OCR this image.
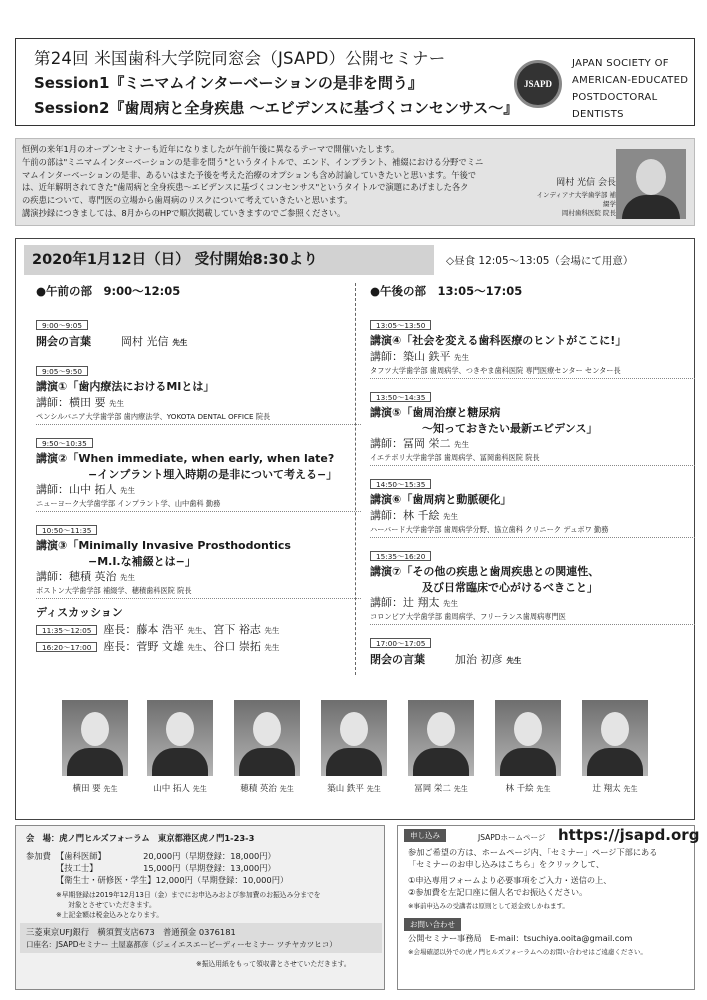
第24回 米国歯科大学院同窓会（JSAPD）公開セミナー
Session1『ミニマムインターベーションの是非を問う』
Session2『歯周病と全身疾患 〜エビデンスに基づくコンセンサス〜』
JSAPD
JAPAN SOCIETY OF
AMERICAN-EDUCATED
POSTDOCTORAL DENTISTS

恒例の来年1月のオープンセミナーも近年になりましたが午前午後に異なるテーマで開催いたします。
午前の部は"ミニマムインターベーションの是非を問う"というタイトルで、エンド、インプラント、補綴における分野でミニ
マムインターベーションの是非、あるいはまた予後を考えた治療のオプションも含め討論していきたいと思います。午後で
は、近年解明されてきた"歯周病と全身疾患〜エビデンスに基づくコンセンサス"というタイトルで演題にあげました各ク
の疾患について、専門医の立場から歯周病のリスクについて考えていきたいと思います。
講演抄録につきましては、8月からのHPで順次掲載していきますのでご参照ください。

岡村 光信 会長
インディアナ大学歯学部 補綴学
岡村歯科医院 院長
2020年1月12日（日） 受付開始8:30より	◇昼食 12:05〜13:05（会場にて用意）
●午前の部　9:00〜12:05
9:00〜9:05
開会の言葉	岡村 光信 先生
9:05〜9:50
講演①「歯内療法におけるMIとは」
講師：横田 要 先生
ペンシルバニア大学歯学部 歯内療法学、YOKOTA DENTAL OFFICE 院長
9:50〜10:35
講演②「When immediate, when early, when late?
−インプラント埋入時期の是非について考える−」
講師：山中 拓人 先生
ニューヨーク大学歯学部 インプラント学、山中歯科 勤務
10:50〜11:35
講演③「Minimally Invasive Prosthodontics
−M.I.な補綴とは−」
講師：穂積 英治 先生
ボストン大学歯学部 補綴学、穂積歯科医院 院長
ディスカッション
11:35〜12:05 座長：藤本 浩平 先生、宮下 裕志 先生
16:20〜17:00 座長：菅野 文雄 先生、谷口 崇拓 先生
●午後の部　13:05〜17:05
13:05〜13:50
講演④「社会を変える歯科医療のヒントがここに!」
講師：築山 鉄平 先生
タフツ大学歯学部 歯周病学、つきやま歯科医院 専門医療センター センター長
13:50〜14:35
講演⑤「歯周治療と糖尿病
〜知っておきたい最新エビデンス」
講師：冨岡 栄二 先生
イエテボリ大学歯学部 歯周病学、冨岡歯科医院 院長
14:50〜15:35
講演⑥「歯周病と動脈硬化」
講師：林 千絵 先生
ハーバード大学歯学部 歯周病学分野、協立歯科 クリニーク デュボワ 勤務
15:35〜16:20
講演⑦「その他の疾患と歯周疾患との関連性、
及び日常臨床で心がけるべきこと」
講師：辻 翔太 先生
コロンビア大学歯学部 歯周病学、フリーランス歯周病専門医
17:00〜17:05
閉会の言葉	加治 初彦 先生
横田 要 先生	山中 拓人 先生	穂積 英治 先生	築山 鉄平 先生	冨岡 栄二 先生	林 千絵 先生	辻 翔太 先生
会　場：虎ノ門ヒルズフォーラム　東京都港区虎ノ門1-23-3
参加費 【歯科医師】　　　　　20,000円（早期登録：18,000円）
【技工士】　　　　　　15,000円（早期登録：13,000円）
【衛生士・研修医・学生】12,000円（早期登録：10,000円）
※早期登録は2019年12月13日（金）までにお申込みおよび参加費のお振込み分までを
対象とさせていただきます。
※上記金額は税金込みとなります。
三菱東京UFJ銀行　横須賀支店673　普通預金 0376181
口座名：JSAPDセミナー 土屋嘉都彦（ジェイエスエーピーディーセミナー ツチヤカツヒコ）
※振込用紙をもって領収書とさせていただきます。
申し込み	JSAPDホームページ https://jsapd.org
参加ご希望の方は、ホームページ内、「セミナー」ページ下部にある
「セミナーのお申し込みはこちら」をクリックして、
①申込専用フォームより必要事項をご入力・送信の上、
②参加費を左記口座に個人名でお振込ください。
※事前申込みの受講者は原則として返金致しかねます。
お問い合わせ
公開セミナー事務局　E-mail：tsuchiya.ooita@gmail.com
※会場確認以外での虎ノ門ヒルズフォーラムへのお問い合わせはご遠慮ください。
